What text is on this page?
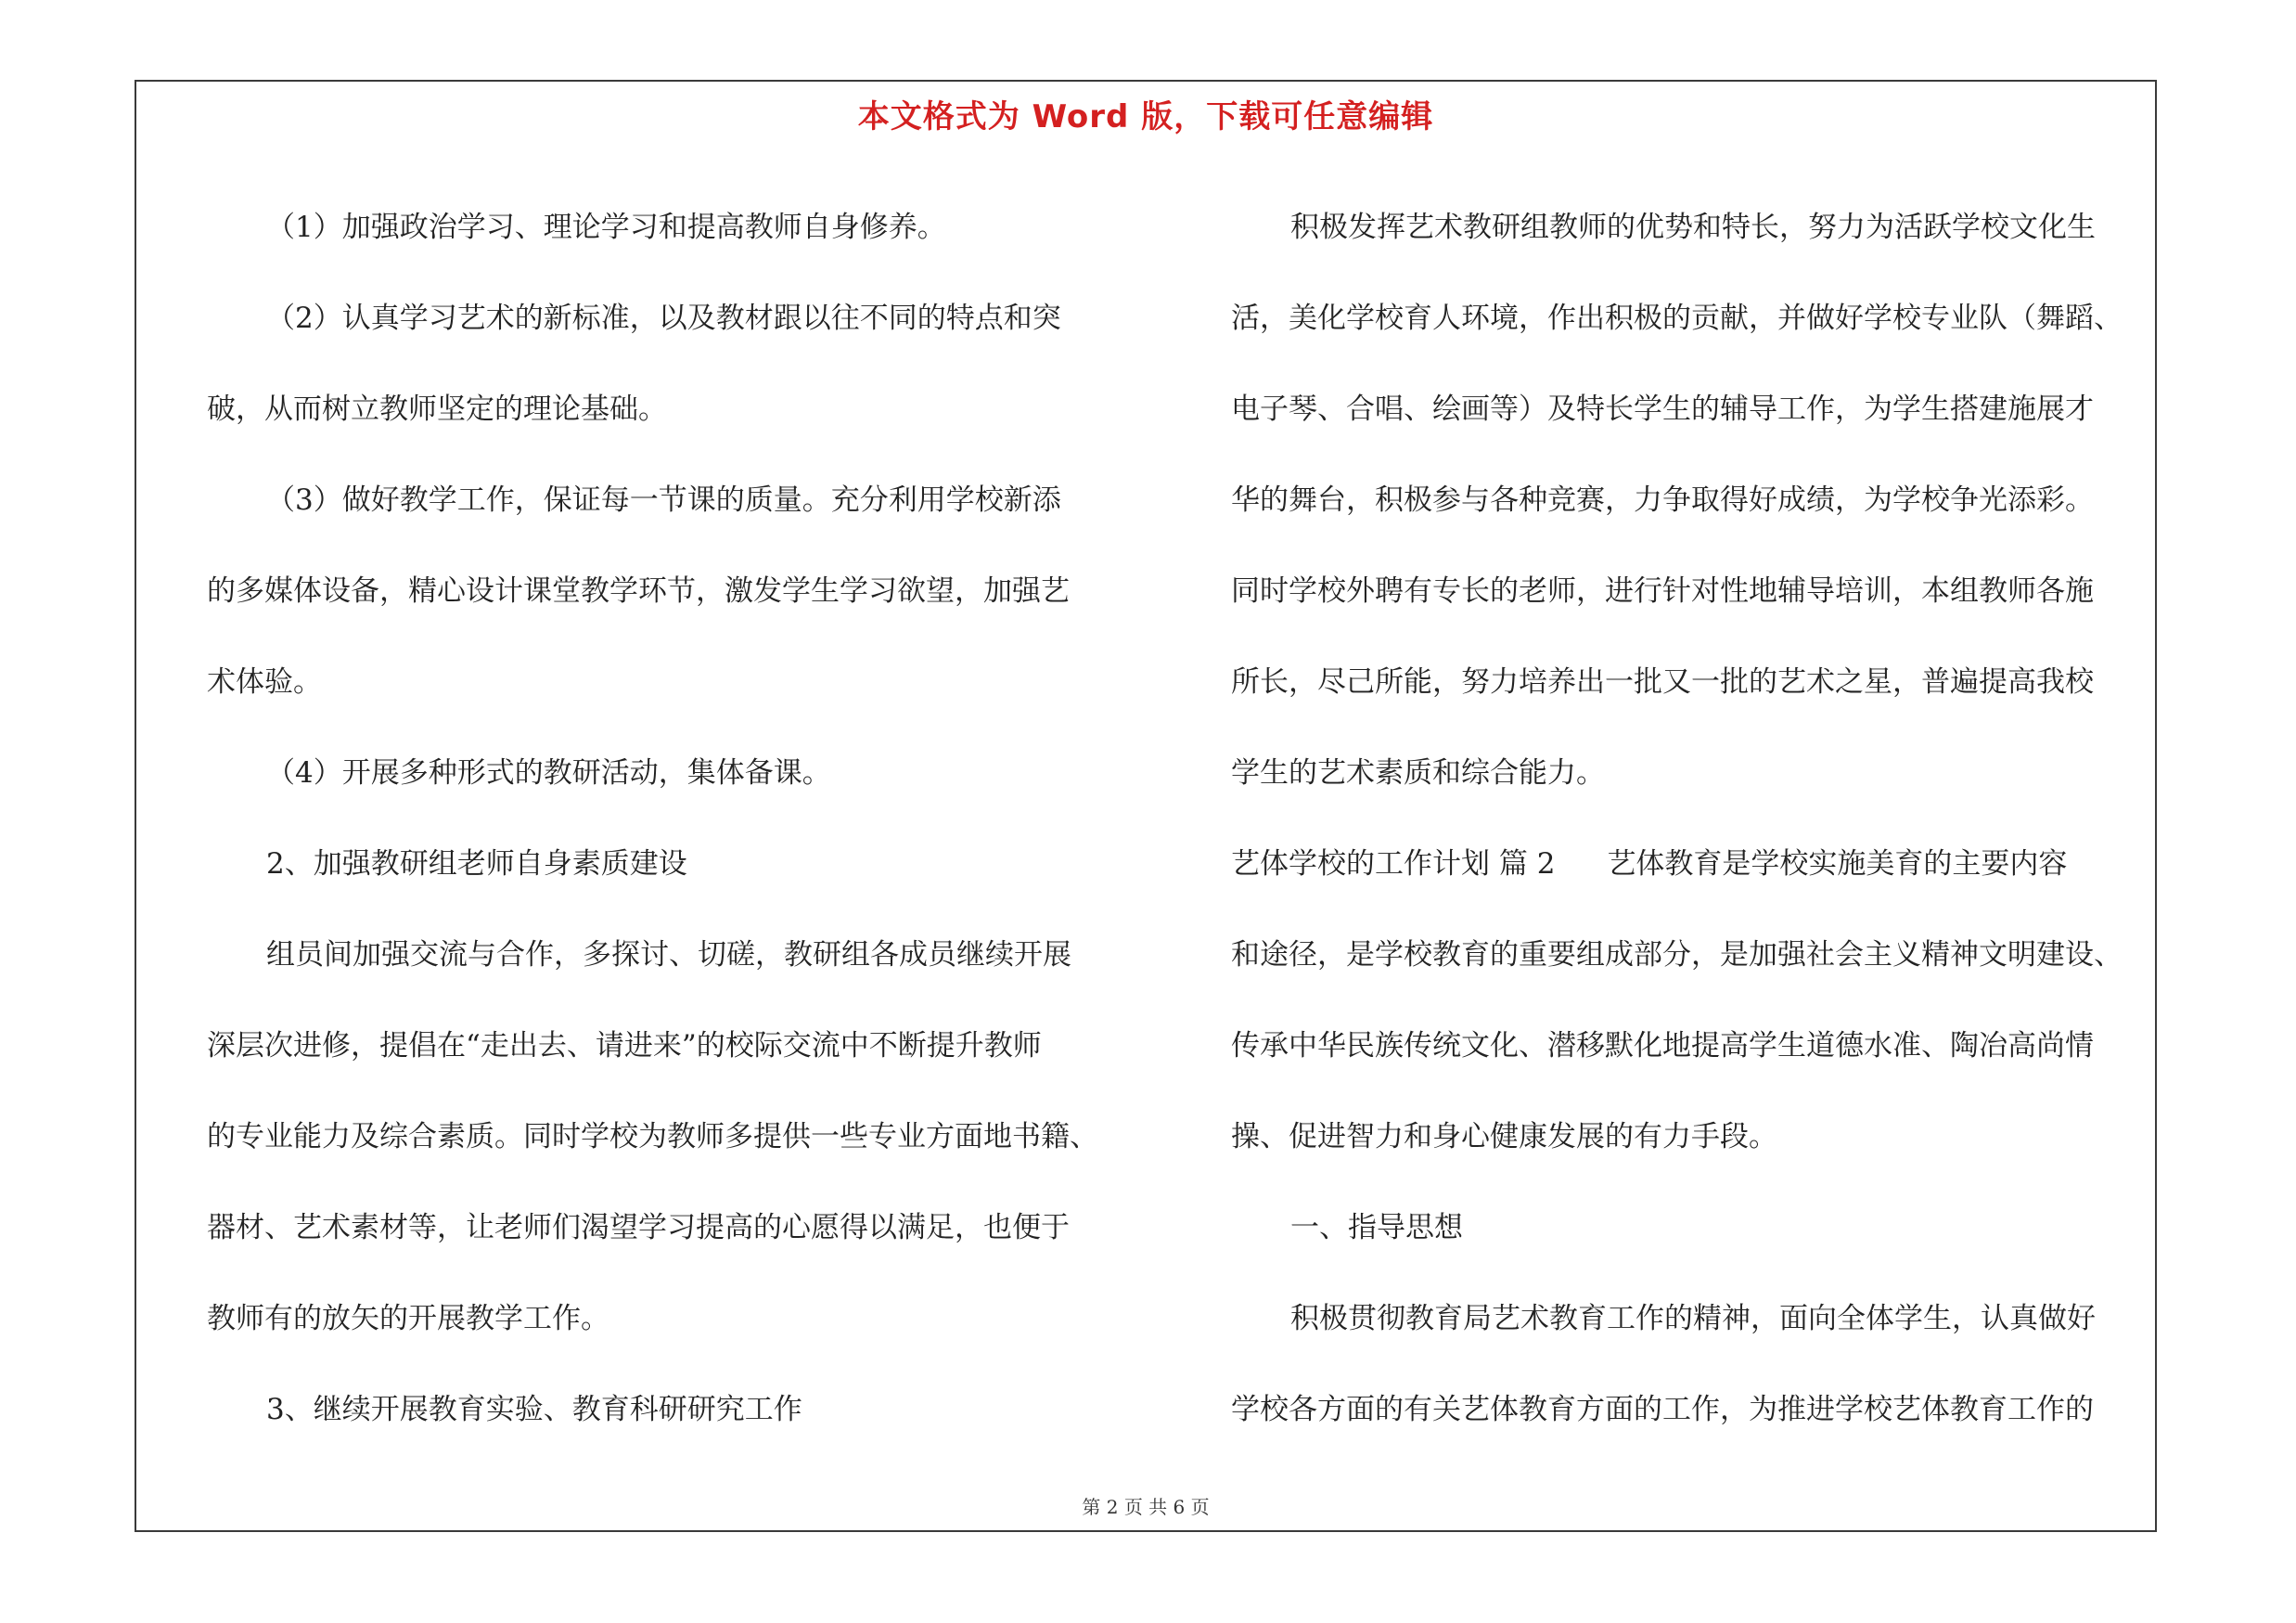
本文格式为 Word 版，下载可任意编辑

（1）加强政治学习、理论学习和提高教师自身修养。

（2）认真学习艺术的新标准，以及教材跟以往不同的特点和突

破，从而树立教师坚定的理论基础。

（3）做好教学工作，保证每一节课的质量。充分利用学校新添

的多媒体设备，精心设计课堂教学环节，激发学生学习欲望，加强艺

术体验。

（4）开展多种形式的教研活动，集体备课。

2、加强教研组老师自身素质建设

组员间加强交流与合作，多探讨、切磋，教研组各成员继续开展

深层次进修，提倡在“走出去、请进来”的校际交流中不断提升教师

的专业能力及综合素质。同时学校为教师多提供一些专业方面地书籍、

器材、艺术素材等，让老师们渴望学习提高的心愿得以满足，也便于

教师有的放矢的开展教学工作。

3、继续开展教育实验、教育科研研究工作

积极发挥艺术教研组教师的优势和特长，努力为活跃学校文化生

活，美化学校育人环境，作出积极的贡献，并做好学校专业队（舞蹈、

电子琴、合唱、绘画等）及特长学生的辅导工作，为学生搭建施展才

华的舞台，积极参与各种竞赛，力争取得好成绩，为学校争光添彩。

同时学校外聘有专长的老师，进行针对性地辅导培训，本组教师各施

所长，尽己所能，努力培养出一批又一批的艺术之星，普遍提高我校

学生的艺术素质和综合能力。

艺体学校的工作计划 篇 2 艺体教育是学校实施美育的主要内容

和途径，是学校教育的重要组成部分，是加强社会主义精神文明建设、

传承中华民族传统文化、潜移默化地提高学生道德水准、陶冶高尚情

操、促进智力和身心健康发展的有力手段。

一、指导思想

积极贯彻教育局艺术教育工作的精神，面向全体学生，认真做好

学校各方面的有关艺体教育方面的工作，为推进学校艺体教育工作的

第 2 页 共 6 页
